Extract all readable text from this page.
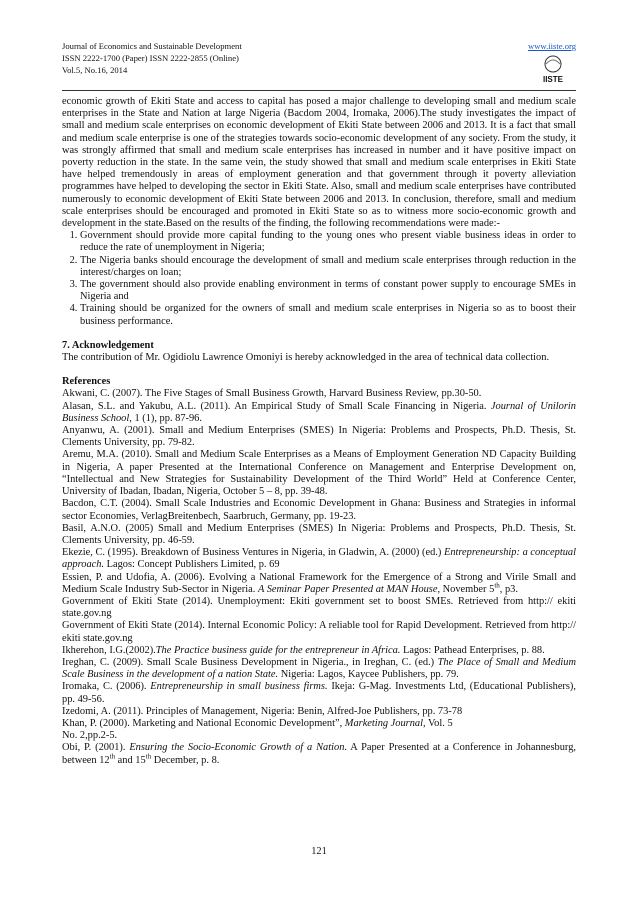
Journal of Economics and Sustainable Development
ISSN 2222-1700 (Paper) ISSN 2222-2855 (Online)
Vol.5, No.16, 2014
www.iiste.org
IISTE

economic growth of Ekiti State and access to capital has posed a major challenge to developing small and medium scale enterprises in the State and Nation at large Nigeria (Bacdom 2004, Iromaka, 2006).The study investigates the impact of small and medium scale enterprises on economic development of Ekiti State between 2006 and 2013. It is a fact that small and medium scale enterprise is one of the strategies towards socio-economic development of any society. From the study, it was strongly affirmed that small and medium scale enterprises has increased in number and it have positive impact on poverty reduction in the state. In the same vein, the study showed that small and medium scale enterprises in Ekiti State have helped tremendously in areas of employment generation and that government through it poverty alleviation programmes have helped to developing the sector in Ekiti State. Also, small and medium scale enterprises have contributed numerously to economic development of Ekiti State between 2006 and 2013. In conclusion, therefore, small and medium scale enterprises should be encouraged and promoted in Ekiti State so as to witness more socio-economic growth and development in the state.Based on the results of the finding, the following recommendations were made:-

1. Government should provide more capital funding to the young ones who present viable business ideas in order to reduce the rate of unemployment in Nigeria;
2. The Nigeria banks should encourage the development of small and medium scale enterprises through reduction in the interest/charges on loan;
3. The government should also provide enabling environment in terms of constant power supply to encourage SMEs in Nigeria and
4. Training should be organized for the owners of small and medium scale enterprises in Nigeria so as to boost their business performance.

7. Acknowledgement

The contribution of Mr. Ogidiolu Lawrence Omoniyi is hereby acknowledged in the area of technical data collection.

References

Akwani, C. (2007). The Five Stages of Small Business Growth, Harvard Business Review, pp.30-50.

Alasan, S.L. and Yakubu, A.L. (2011). An Empirical Study of Small Scale Financing in Nigeria. Journal of Unilorin Business School, 1 (1), pp. 87-96.

Anyanwu, A. (2001). Small and Medium Enterprises (SMES) In Nigeria: Problems and Prospects, Ph.D. Thesis, St. Clements University, pp. 79-82.

Aremu, M.A. (2010). Small and Medium Scale Enterprises as a Means of Employment Generation ND Capacity Building in Nigeria, A paper Presented at the International Conference on Management and Enterprise Development on, “Intellectual and New Strategies for Sustainability Development of the Third World” Held at Conference Center, University of Ibadan, Ibadan, Nigeria, October 5 – 8, pp. 39-48.

Bacdon, C.T. (2004). Small Scale Industries and Economic Development in Ghana: Business and Strategies in informal sector Economies, VerlagBreitenbech, Saarbruch, Germany, pp. 19-23.

Basil, A.N.O. (2005) Small and Medium Enterprises (SMES) In Nigeria: Problems and Prospects, Ph.D. Thesis, St. Clements University, pp. 46-59.

Ekezie, C. (1995). Breakdown of Business Ventures in Nigeria, in Gladwin, A. (2000) (ed.) Entrepreneurship: a conceptual approach. Lagos: Concept Publishers Limited, p. 69

Essien, P. and Udofia, A. (2006). Evolving a National Framework for the Emergence of a Strong and Virile Small and Medium Scale Industry Sub-Sector in Nigeria. A Seminar Paper Presented at MAN House, November 5th, p3.

Government of Ekiti State (2014). Unemployment: Ekiti government set to boost SMEs. Retrieved from http:// ekiti state.gov.ng

Government of Ekiti State (2014). Internal Economic Policy: A reliable tool for Rapid Development. Retrieved from http:// ekiti state.gov.ng

Ikherehon, I.G.(2002).The Practice business guide for the entrepreneur in Africa. Lagos: Pathead Enterprises, p. 88.

Ireghan, C. (2009). Small Scale Business Development in Nigeria., in Ireghan, C. (ed.) The Place of Small and Medium Scale Business in the development of a nation State. Nigeria: Lagos, Kaycee Publishers, pp. 79.

Iromaka, C. (2006). Entrepreneurship in small business firms. Ikeja: G-Mag. Investments Ltd, (Educational Publishers), pp. 49-56.

Izedomi, A. (2011). Principles of Management, Nigeria: Benin, Alfred-Joe Publishers, pp. 73-78

Khan, P. (2000). Marketing and National Economic Development”, Marketing Journal, Vol. 5
No. 2,pp.2-5.

Obi, P. (2001). Ensuring the Socio-Economic Growth of a Nation. A Paper Presented at a Conference in Johannesburg, between 12th and 15th December, p. 8.

121
